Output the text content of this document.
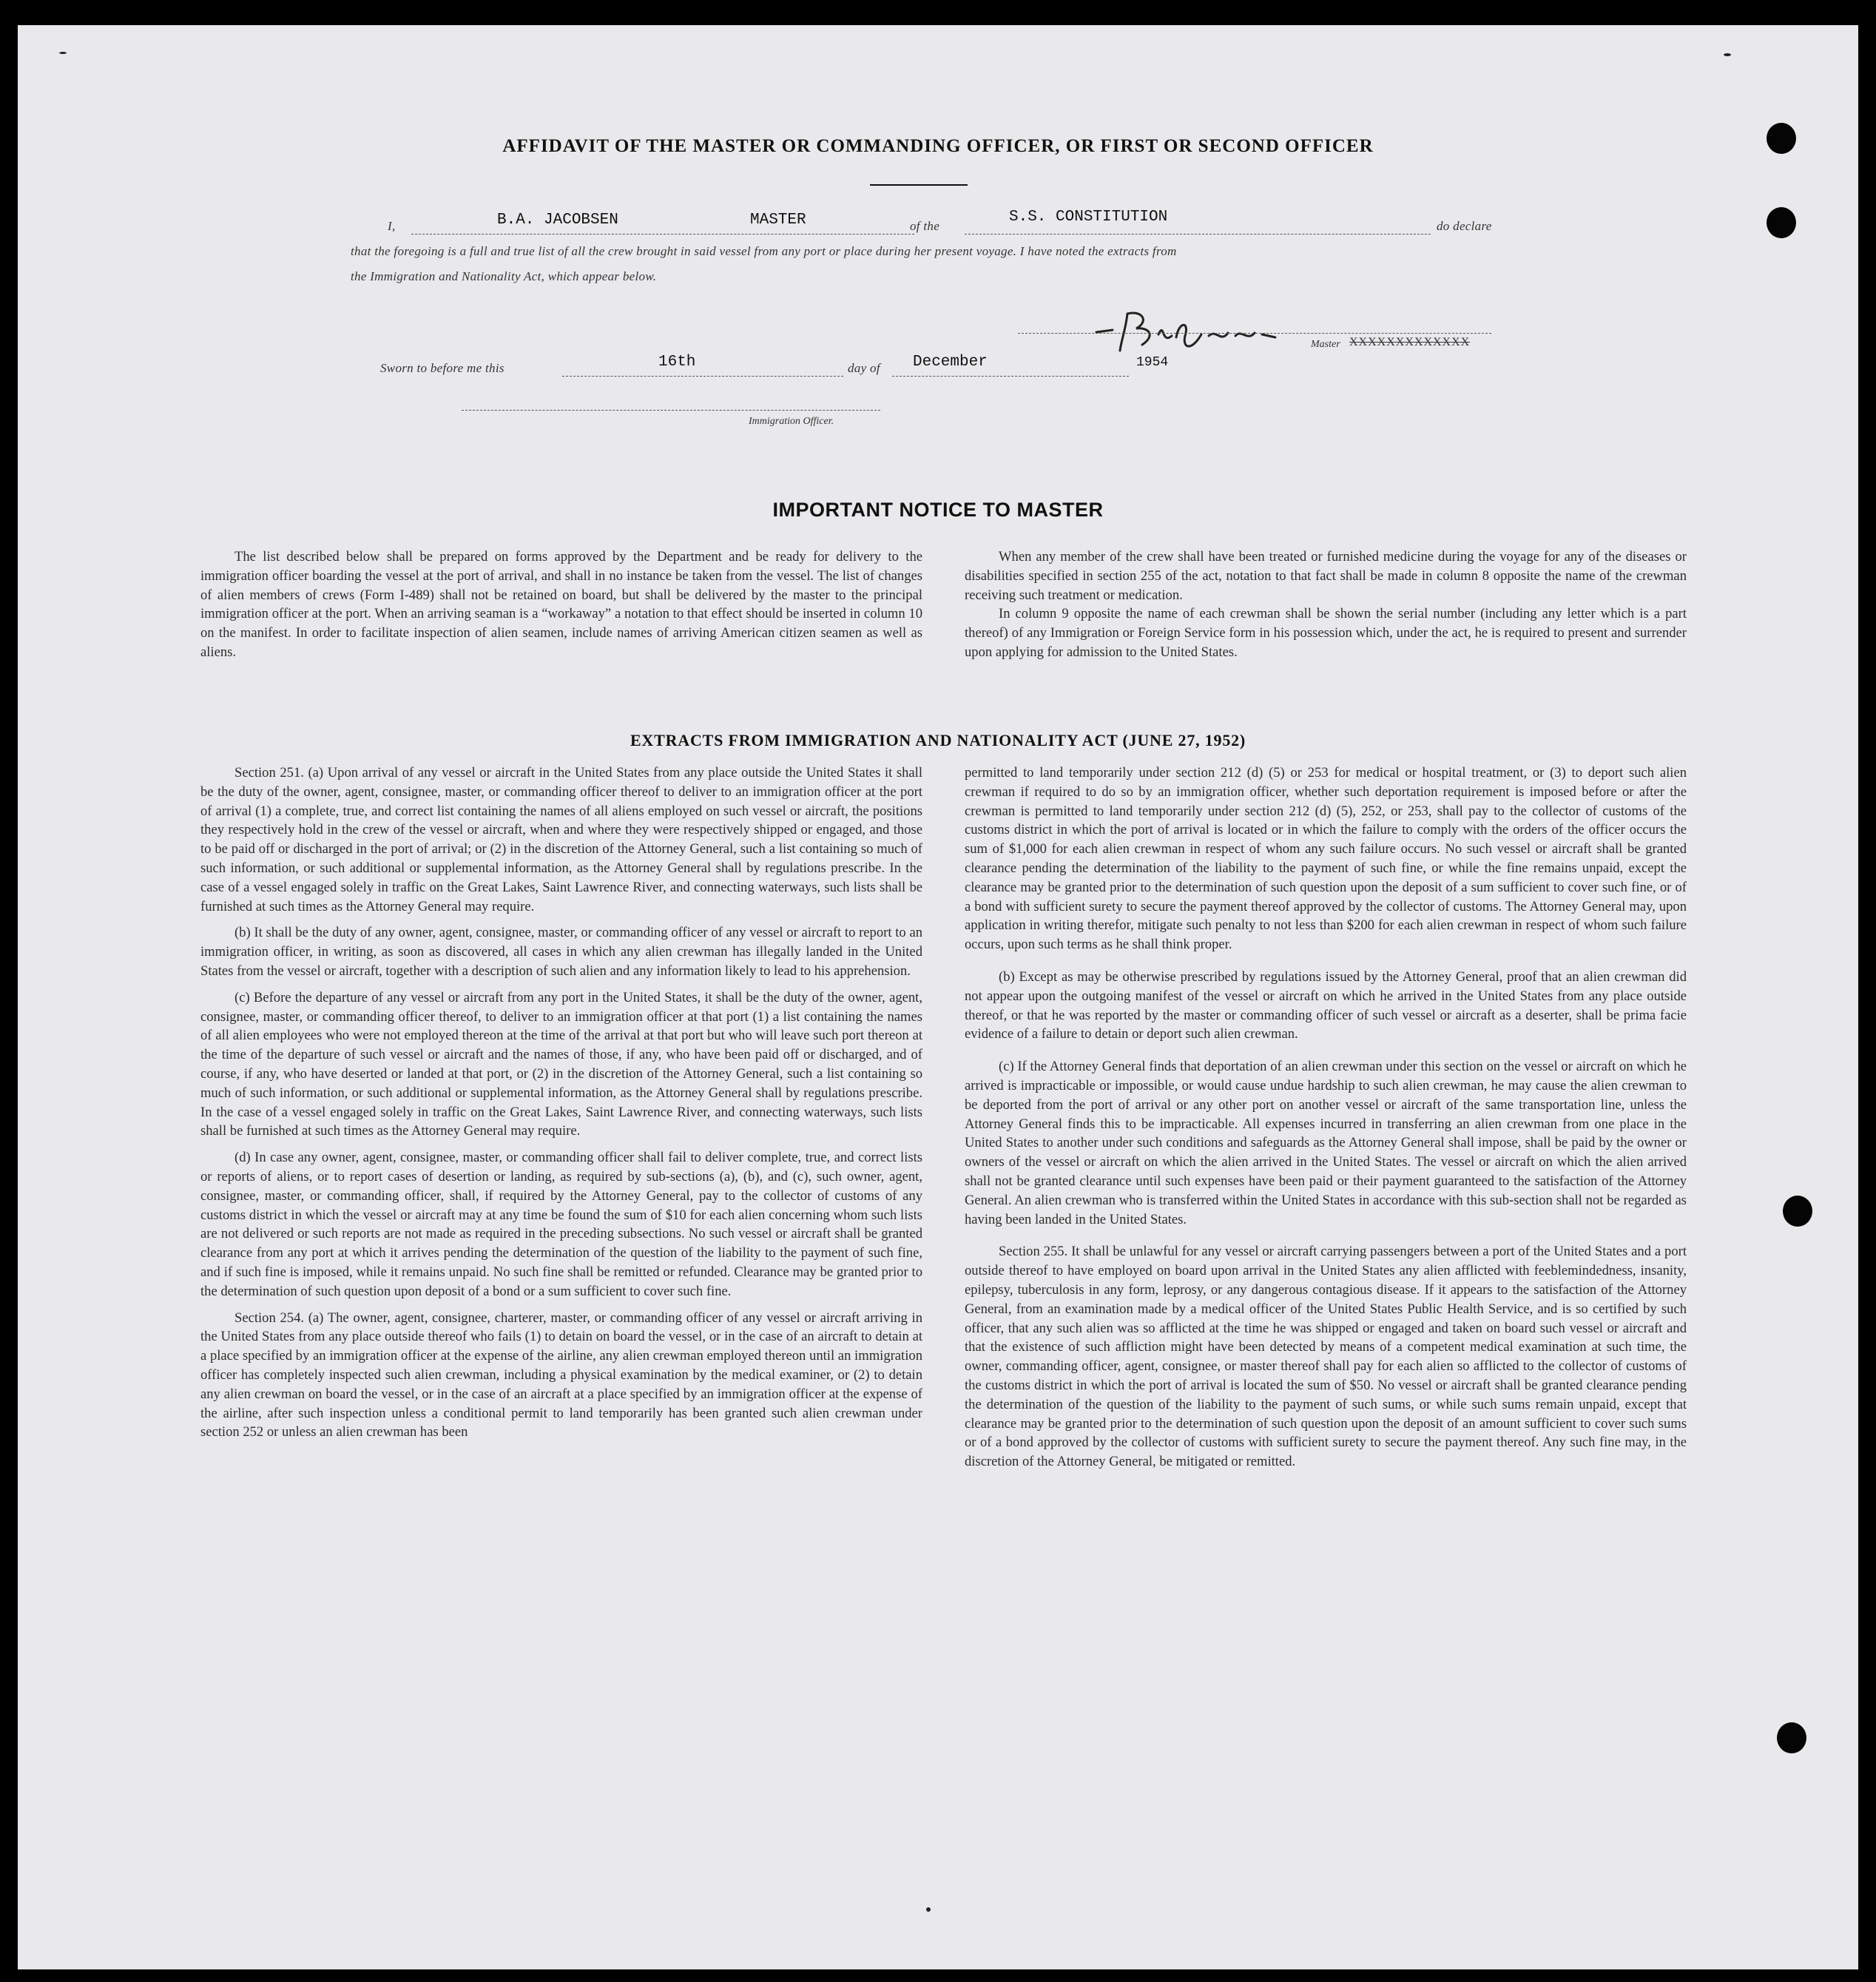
AFFIDAVIT OF THE MASTER OR COMMANDING OFFICER, OR FIRST OR SECOND OFFICER
I,	B.A. JACOBSEN	MASTER	of the
S.S. CONSTITUTION
do declare
that the foregoing is a full and true list of all the crew brought in said vessel from any port or place during her present voyage. I have noted the extracts from
the Immigration and Nationality Act, which appear below.
Master XXXXXXXXXXXXX
Sworn to before me this	16th	day of December	1954
Immigration Officer.
IMPORTANT NOTICE TO MASTER

The list described below shall be prepared on forms approved by the Department and be ready for delivery to the immigration officer boarding the vessel at the port of arrival, and shall in no instance be taken from the vessel. The list of changes of alien members of crews (Form I-489) shall not be retained on board, but shall be delivered by the master to the principal immigration officer at the port. When an arriving seaman is a “workaway” a notation to that effect should be inserted in column 10 on the manifest. In order to facilitate inspection of alien seamen, include names of arriving American citizen seamen as well as aliens.

When any member of the crew shall have been treated or furnished medicine during the voyage for any of the diseases or disabilities specified in section 255 of the act, notation to that fact shall be made in column 8 opposite the name of the crewman receiving such treatment or medication.

In column 9 opposite the name of each crewman shall be shown the serial number (including any letter which is a part thereof) of any Immigration or Foreign Service form in his possession which, under the act, he is required to present and surrender upon applying for admission to the United States.

EXTRACTS FROM IMMIGRATION AND NATIONALITY ACT (JUNE 27, 1952)

Section 251. (a) Upon arrival of any vessel or aircraft in the United States from any place outside the United States it shall be the duty of the owner, agent, consignee, master, or commanding officer thereof to deliver to an immigration officer at the port of arrival (1) a complete, true, and correct list containing the names of all aliens employed on such vessel or aircraft, the positions they respectively hold in the crew of the vessel or aircraft, when and where they were respectively shipped or engaged, and those to be paid off or discharged in the port of arrival; or (2) in the discretion of the Attorney General, such a list containing so much of such information, or such additional or supplemental information, as the Attorney General shall by regulations prescribe. In the case of a vessel engaged solely in traffic on the Great Lakes, Saint Lawrence River, and connecting waterways, such lists shall be furnished at such times as the Attorney General may require.

(b) It shall be the duty of any owner, agent, consignee, master, or commanding officer of any vessel or aircraft to report to an immigration officer, in writing, as soon as discovered, all cases in which any alien crewman has illegally landed in the United States from the vessel or aircraft, together with a description of such alien and any information likely to lead to his apprehension.

(c) Before the departure of any vessel or aircraft from any port in the United States, it shall be the duty of the owner, agent, consignee, master, or commanding officer thereof, to deliver to an immigration officer at that port (1) a list containing the names of all alien employees who were not employed thereon at the time of the arrival at that port but who will leave such port thereon at the time of the departure of such vessel or aircraft and the names of those, if any, who have been paid off or discharged, and of course, if any, who have deserted or landed at that port, or (2) in the discretion of the Attorney General, such a list containing so much of such information, or such additional or supplemental information, as the Attorney General shall by regulations prescribe. In the case of a vessel engaged solely in traffic on the Great Lakes, Saint Lawrence River, and connecting waterways, such lists shall be furnished at such times as the Attorney General may require.

(d) In case any owner, agent, consignee, master, or commanding officer shall fail to deliver complete, true, and correct lists or reports of aliens, or to report cases of desertion or landing, as required by sub-sections (a), (b), and (c), such owner, agent, consignee, master, or commanding officer, shall, if required by the Attorney General, pay to the collector of customs of any customs district in which the vessel or aircraft may at any time be found the sum of $10 for each alien concerning whom such lists are not delivered or such reports are not made as required in the preceding subsections. No such vessel or aircraft shall be granted clearance from any port at which it arrives pending the determination of the question of the liability to the payment of such fine, and if such fine is imposed, while it remains unpaid. No such fine shall be remitted or refunded. Clearance may be granted prior to the determination of such question upon deposit of a bond or a sum sufficient to cover such fine.

Section 254. (a) The owner, agent, consignee, charterer, master, or commanding officer of any vessel or aircraft arriving in the United States from any place outside thereof who fails (1) to detain on board the vessel, or in the case of an aircraft to detain at a place specified by an immigration officer at the expense of the airline, any alien crewman employed thereon until an immigration officer has completely inspected such alien crewman, including a physical examination by the medical examiner, or (2) to detain any alien crewman on board the vessel, or in the case of an aircraft at a place specified by an immigration officer at the expense of the airline, after such inspection unless a conditional permit to land temporarily has been granted such alien crewman under section 252 or unless an alien crewman has been

permitted to land temporarily under section 212 (d) (5) or 253 for medical or hospital treatment, or (3) to deport such alien crewman if required to do so by an immigration officer, whether such deportation requirement is imposed before or after the crewman is permitted to land temporarily under section 212 (d) (5), 252, or 253, shall pay to the collector of customs of the customs district in which the port of arrival is located or in which the failure to comply with the orders of the officer occurs the sum of $1,000 for each alien crewman in respect of whom any such failure occurs. No such vessel or aircraft shall be granted clearance pending the determination of the liability to the payment of such fine, or while the fine remains unpaid, except the clearance may be granted prior to the determination of such question upon the deposit of a sum sufficient to cover such fine, or of a bond with sufficient surety to secure the payment thereof approved by the collector of customs. The Attorney General may, upon application in writing therefor, mitigate such penalty to not less than $200 for each alien crewman in respect of whom such failure occurs, upon such terms as he shall think proper.

(b) Except as may be otherwise prescribed by regulations issued by the Attorney General, proof that an alien crewman did not appear upon the outgoing manifest of the vessel or aircraft on which he arrived in the United States from any place outside thereof, or that he was reported by the master or commanding officer of such vessel or aircraft as a deserter, shall be prima facie evidence of a failure to detain or deport such alien crewman.

(c) If the Attorney General finds that deportation of an alien crewman under this section on the vessel or aircraft on which he arrived is impracticable or impossible, or would cause undue hardship to such alien crewman, he may cause the alien crewman to be deported from the port of arrival or any other port on another vessel or aircraft of the same transportation line, unless the Attorney General finds this to be impracticable. All expenses incurred in transferring an alien crewman from one place in the United States to another under such conditions and safeguards as the Attorney General shall impose, shall be paid by the owner or owners of the vessel or aircraft on which the alien arrived in the United States. The vessel or aircraft on which the alien arrived shall not be granted clearance until such expenses have been paid or their payment guaranteed to the satisfaction of the Attorney General. An alien crewman who is transferred within the United States in accordance with this sub-section shall not be regarded as having been landed in the United States.

Section 255. It shall be unlawful for any vessel or aircraft carrying passengers between a port of the United States and a port outside thereof to have employed on board upon arrival in the United States any alien afflicted with feeblemindedness, insanity, epilepsy, tuberculosis in any form, leprosy, or any dangerous contagious disease. If it appears to the satisfaction of the Attorney General, from an examination made by a medical officer of the United States Public Health Service, and is so certified by such officer, that any such alien was so afflicted at the time he was shipped or engaged and taken on board such vessel or aircraft and that the existence of such affliction might have been detected by means of a competent medical examination at such time, the owner, commanding officer, agent, consignee, or master thereof shall pay for each alien so afflicted to the collector of customs of the customs district in which the port of arrival is located the sum of $50. No vessel or aircraft shall be granted clearance pending the determination of the question of the liability to the payment of such sums, or while such sums remain unpaid, except that clearance may be granted prior to the determination of such question upon the deposit of an amount sufficient to cover such sums or of a bond approved by the collector of customs with sufficient surety to secure the payment thereof. Any such fine may, in the discretion of the Attorney General, be mitigated or remitted.
